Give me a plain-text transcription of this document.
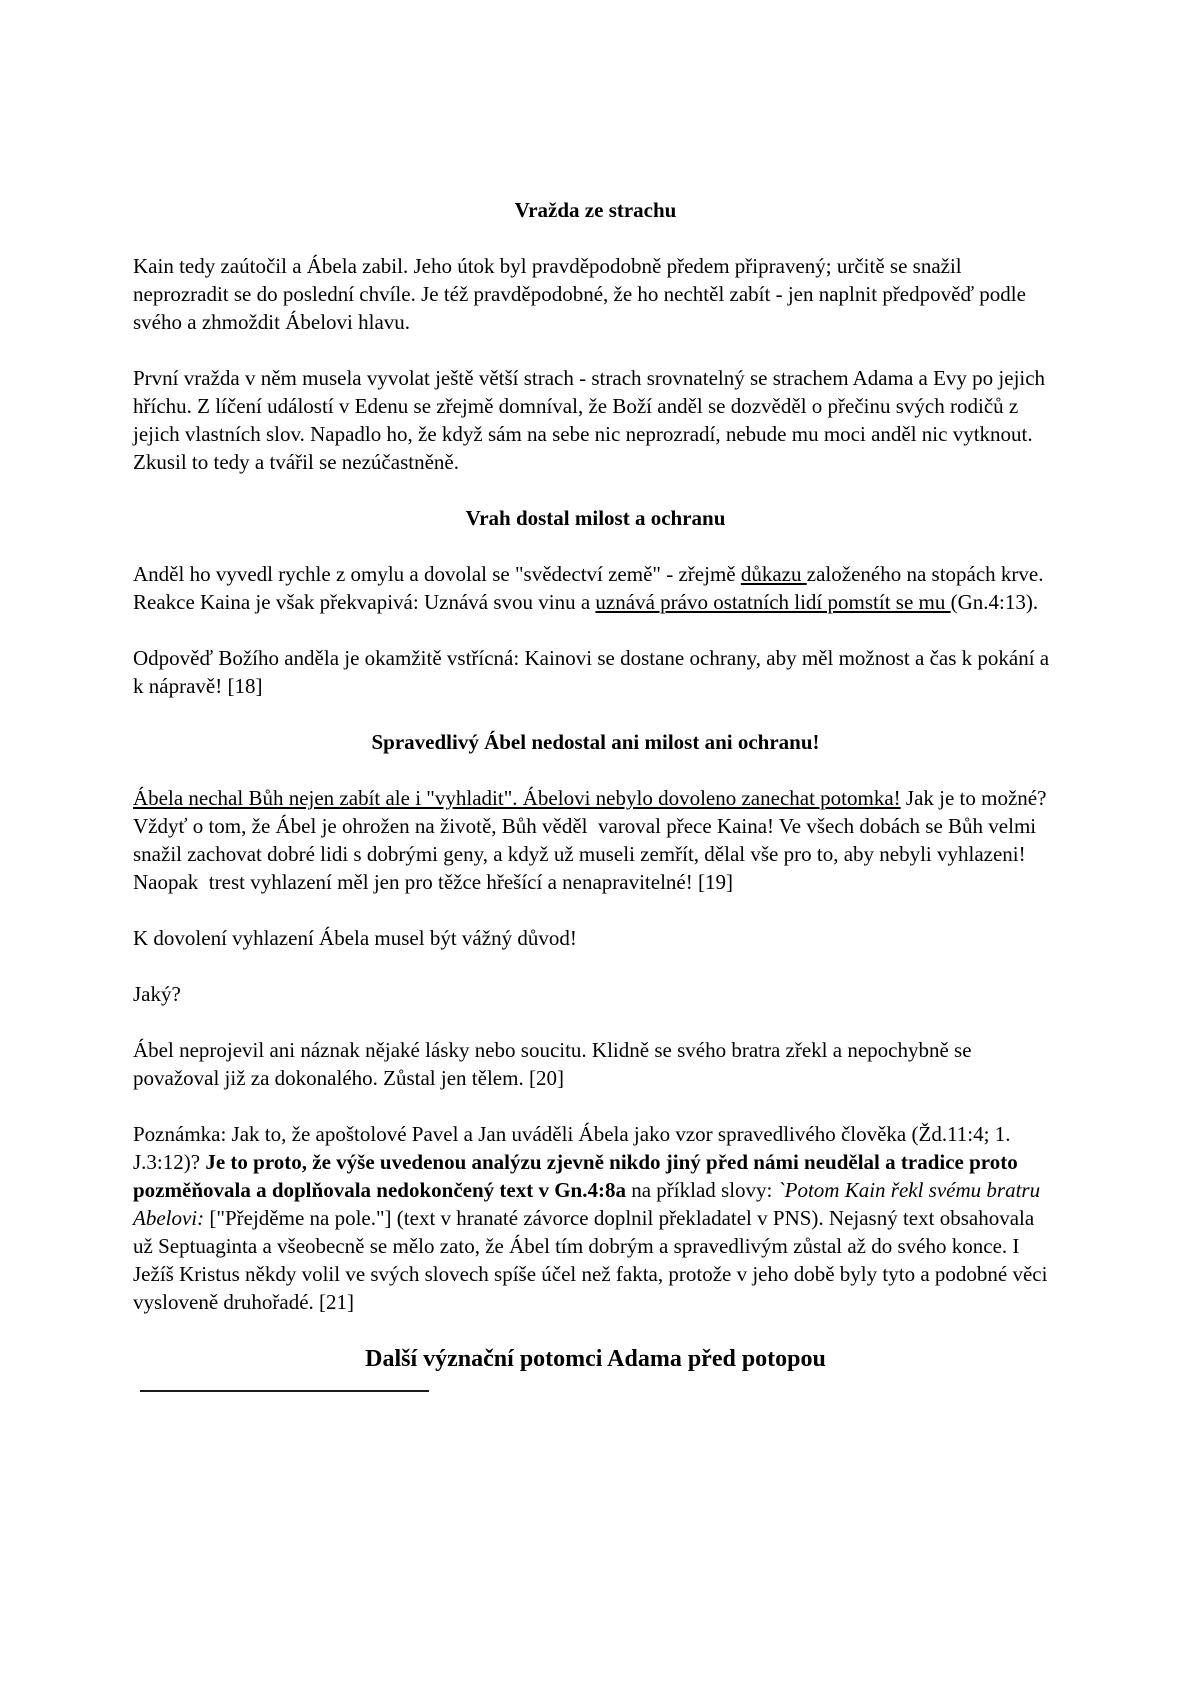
Vražda ze strachu
Kain tedy zaútočil a Ábela zabil. Jeho útok byl pravděpodobně předem připravený; určitě se snažil neprozradit se do poslední chvíle. Je též pravděpodobné, že ho nechtěl zabít - jen naplnit předpověď podle svého a zhmoždit Ábelovi hlavu.
První vražda v něm musela vyvolat ještě větší strach - strach srovnatelný se strachem Adama a Evy po jejich hříchu. Z líčení událostí v Edenu se zřejmě domníval, že Boží anděl se dozvěděl o přečinu svých rodičů z jejich vlastních slov. Napadlo ho, že když sám na sebe nic neprozradí, nebude mu moci anděl nic vytknout. Zkusil to tedy a tvářil se nezúčastněně.
Vrah dostal milost a ochranu
Anděl ho vyvedl rychle z omylu a dovolal se "svědectví země" - zřejmě důkazu založeného na stopách krve. Reakce Kaina je však překvapivá: Uznává svou vinu a uznává právo ostatních lidí pomstít se mu (Gn.4:13).
Odpověď Božího anděla je okamžitě vstřícná: Kainovi se dostane ochrany, aby měl možnost a čas k pokání a k nápravě! [18]
Spravedlivý Ábel nedostal ani milost ani ochranu!
Ábela nechal Bůh nejen zabít ale i "vyhladit". Ábelovi nebylo dovoleno zanechat potomka! Jak je to možné? Vždyť o tom, že Ábel je ohrožen na životě, Bůh věděl  varoval přece Kaina! Ve všech dobách se Bůh velmi snažil zachovat dobré lidi s dobrými geny, a když už museli zemřít, dělal vše pro to, aby nebyli vyhlazeni! Naopak  trest vyhlazení měl jen pro těžce hřešící a nenapravitelné! [19]
K dovolení vyhlazení Ábela musel být vážný důvod!
Jaký?
Ábel neprojevil ani náznak nějaké lásky nebo soucitu. Klidně se svého bratra zřekl a nepochybně se považoval již za dokonalého. Zůstal jen tělem. [20]
Poznámka: Jak to, že apoštolové Pavel a Jan uváděli Ábela jako vzor spravedlivého člověka (Žd.11:4; 1. J.3:12)? Je to proto, že výše uvedenou analýzu zjevně nikdo jiný před námi neudělal a tradice proto pozměňovala a doplňovala nedokončený text v Gn.4:8a na příklad slovy: `Potom Kain řekl svému bratru Abelovi: ["Přejděme na pole."] (text v hranaté závorce doplnil překladatel v PNS). Nejasný text obsahovala už Septuaginta a všeobecně se mělo zato, že Ábel tím dobrým a spravedlivým zůstal až do svého konce. I Ježíš Kristus někdy volil ve svých slovech spíše účel než fakta, protože v jeho době byly tyto a podobné věci vysloveně druhořadé. [21]
Další význační potomci Adama před potopou
